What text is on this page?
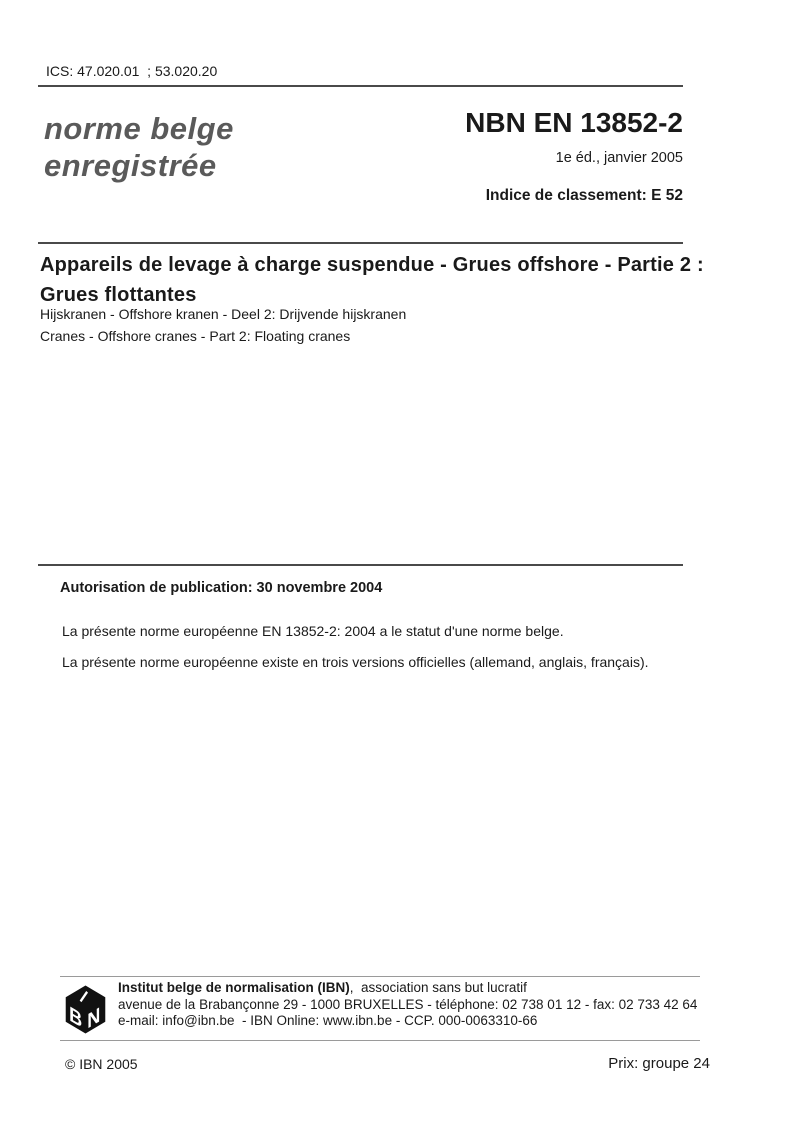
ICS: 47.020.01  ; 53.020.20
norme belge
enregistrée
NBN EN 13852-2
1e éd., janvier 2005
Indice de classement: E 52
Appareils de levage à charge suspendue - Grues offshore - Partie 2 :
Grues flottantes
Hijskranen - Offshore kranen - Deel 2: Drijvende hijskranen
Cranes - Offshore cranes - Part 2: Floating cranes
Autorisation de publication: 30 novembre 2004
La présente norme européenne EN 13852-2: 2004 a le statut d'une norme belge.
La présente norme européenne existe en trois versions officielles (allemand, anglais, français).
I
B N
Institut belge de normalisation (IBN),  association sans but lucratif
avenue de la Brabançonne 29 - 1000 BRUXELLES - téléphone: 02 738 01 12 - fax: 02 733 42 64
e-mail: info@ibn.be  - IBN Online: www.ibn.be - CCP. 000-0063310-66
© IBN 2005	Prix: groupe 24
